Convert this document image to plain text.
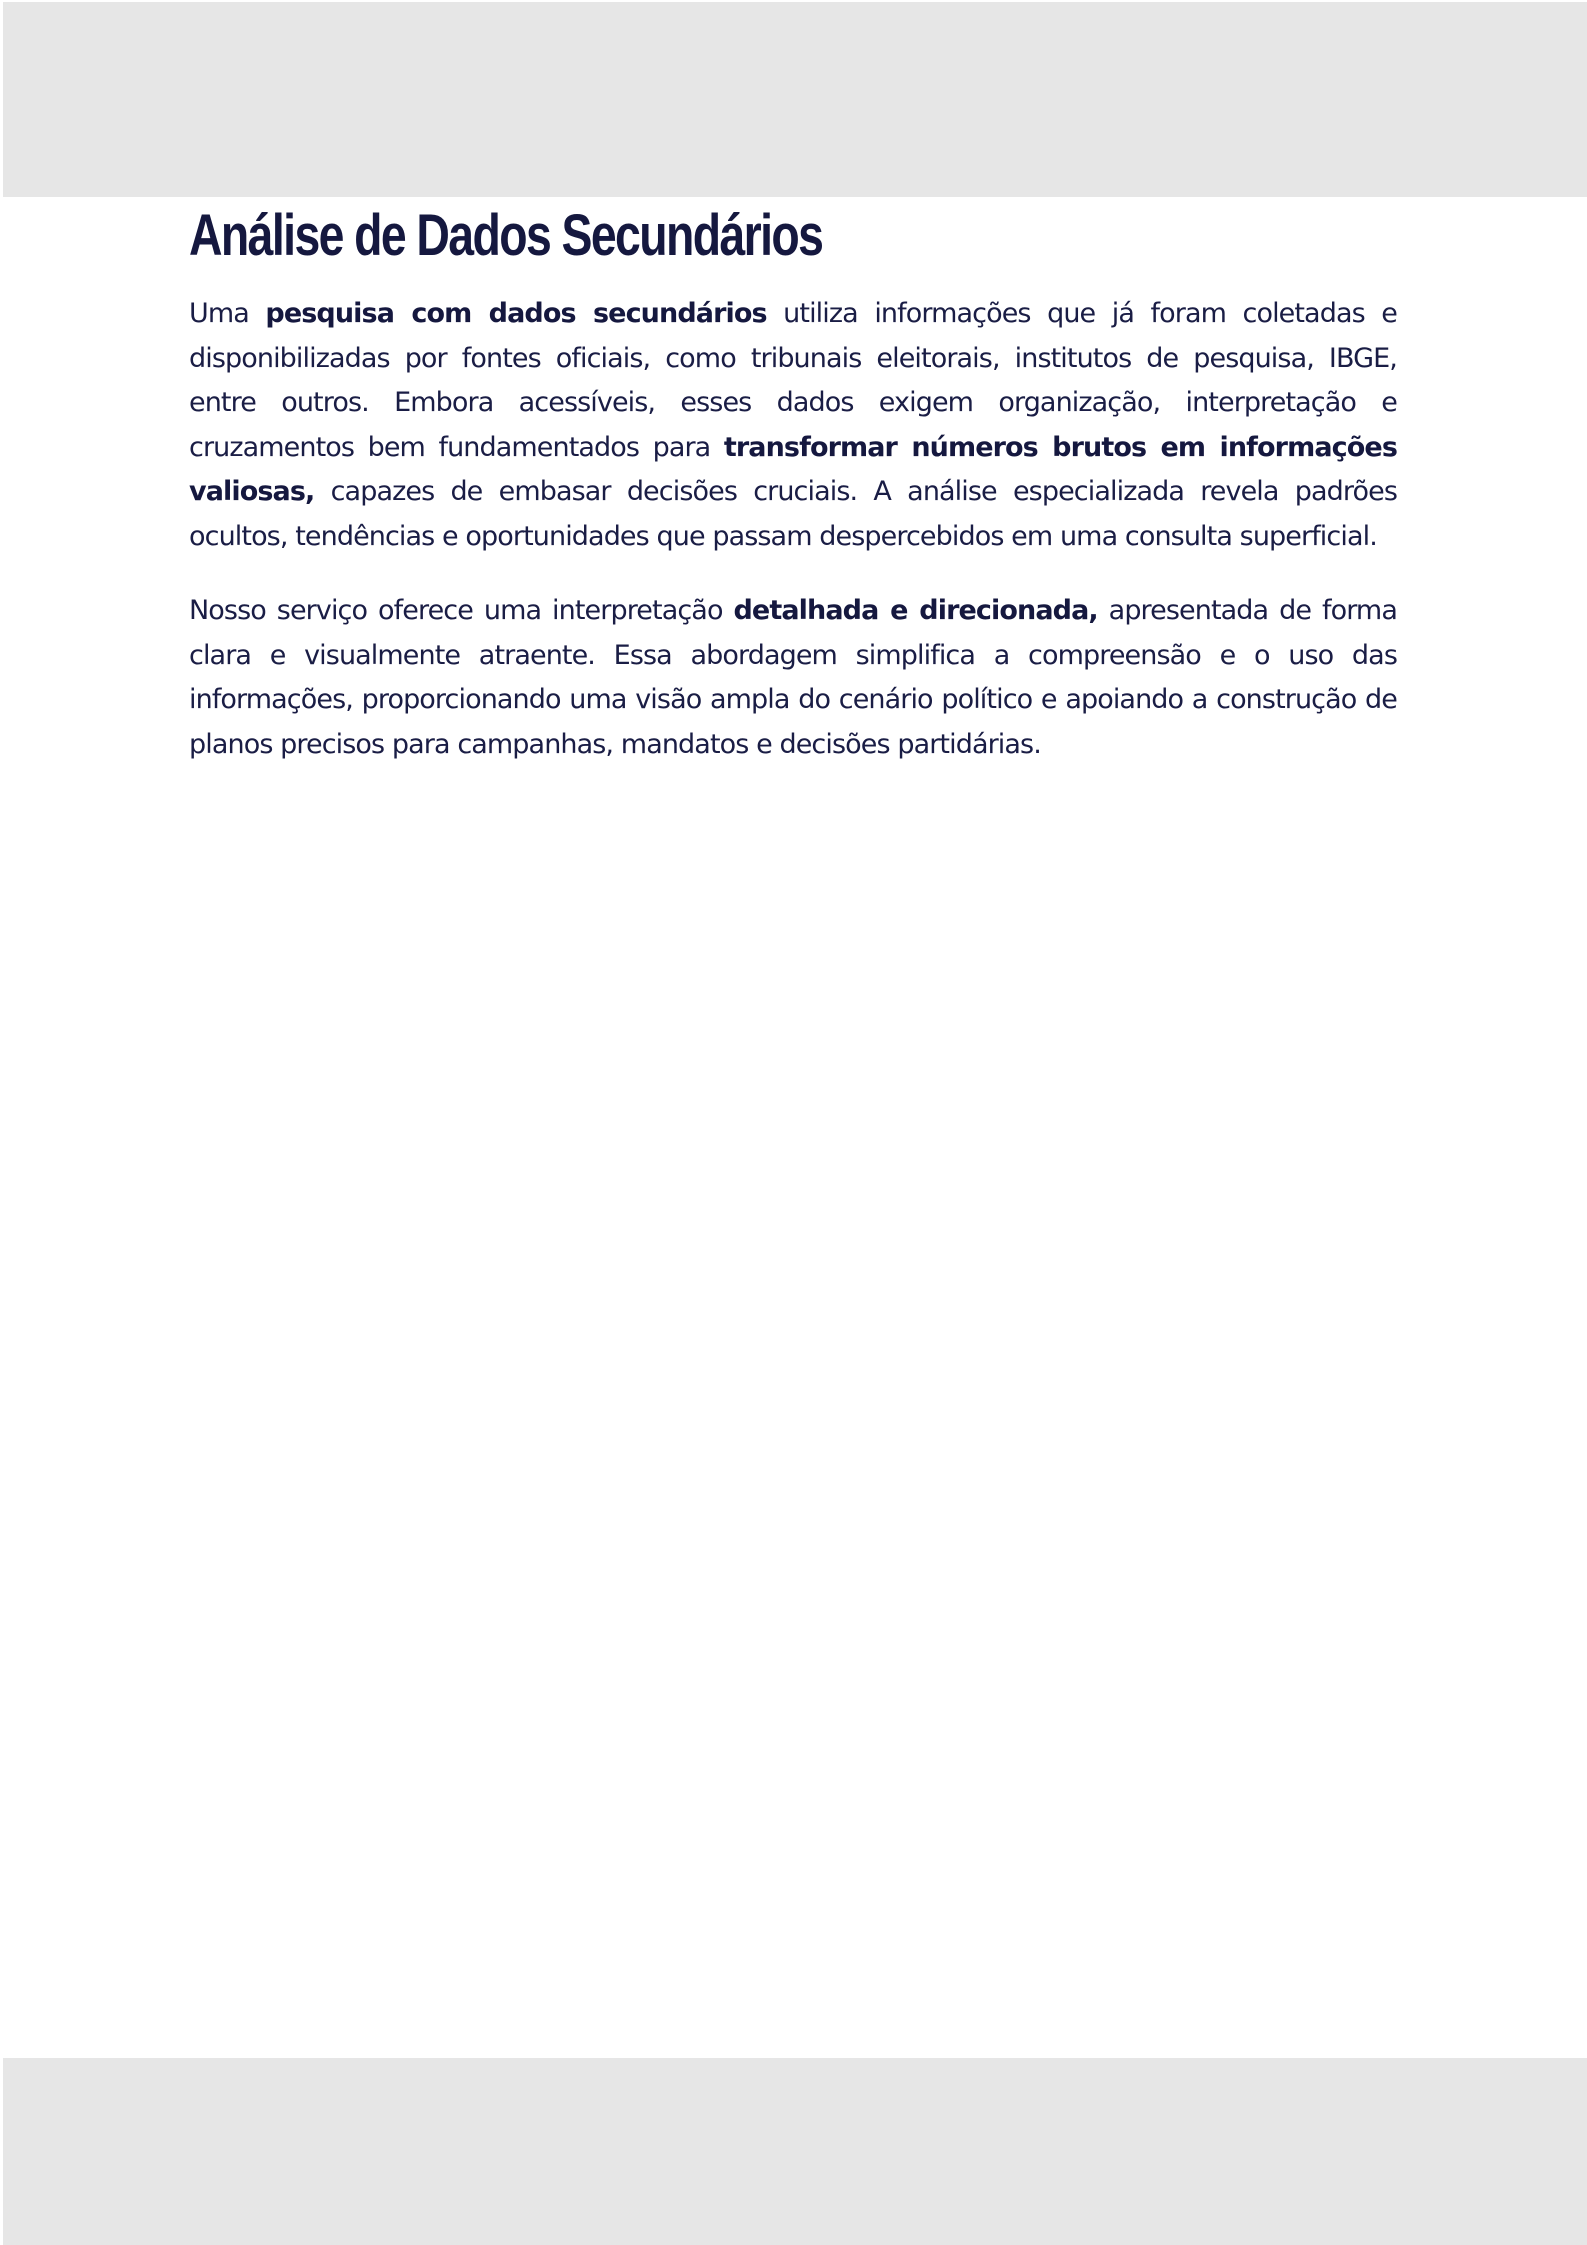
Análise de Dados Secundários

Uma pesquisa com dados secundários utiliza informações que já foram coletadas e disponibilizadas por fontes oficiais, como tribunais eleitorais, institutos de pesquisa, IBGE, entre outros. Embora acessíveis, esses dados exigem organização, interpretação e cruzamentos bem fundamentados para transformar números brutos em informações valiosas, capazes de embasar decisões cruciais. A análise especializada revela padrões ocultos, tendências e oportunidades que passam despercebidos em uma consulta superficial.

Nosso serviço oferece uma interpretação detalhada e direcionada, apresentada de forma clara e visualmente atraente. Essa abordagem simplifica a compreensão e o uso das informações, proporcionando uma visão ampla do cenário político e apoiando a construção de planos precisos para campanhas, mandatos e decisões partidárias.
